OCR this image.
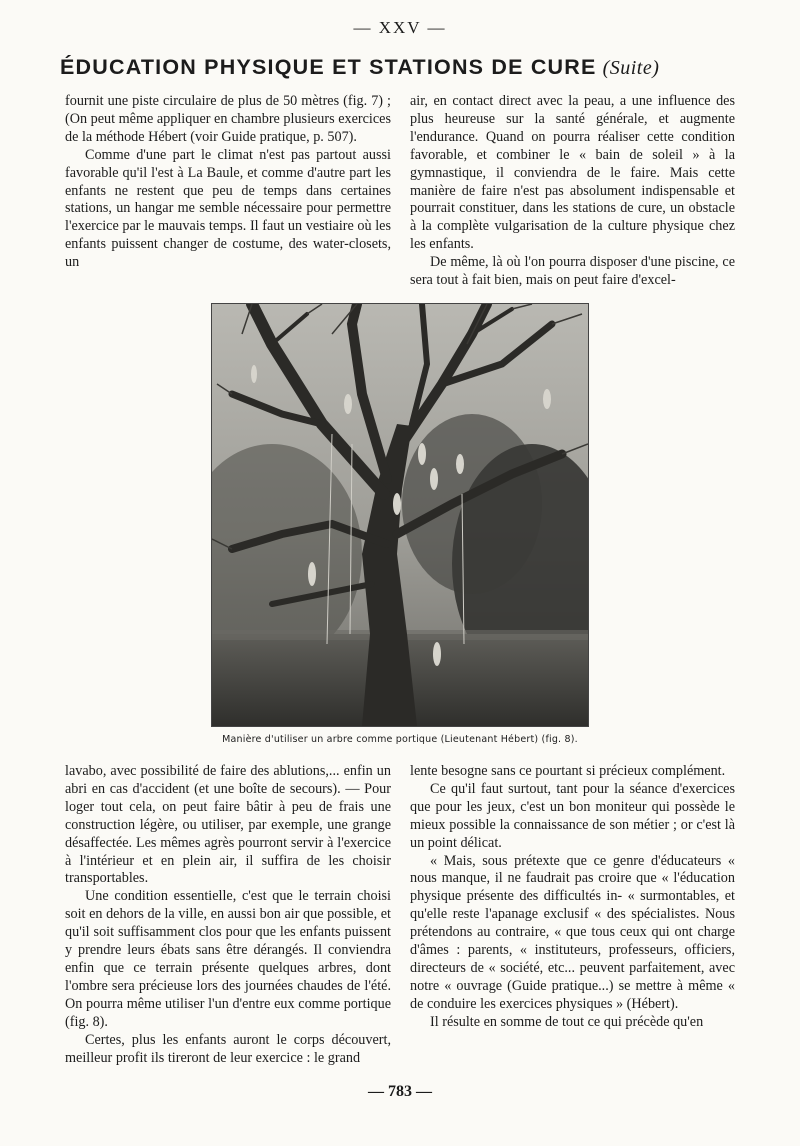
— XXV —
ÉDUCATION PHYSIQUE ET STATIONS DE CURE (Suite)

fournit une piste circulaire de plus de 50 mètres (fig. 7) ; (On peut même appliquer en chambre plusieurs exercices de la méthode Hébert (voir Guide pratique, p. 507).

Comme d'une part le climat n'est pas partout aussi favorable qu'il l'est à La Baule, et comme d'autre part les enfants ne restent que peu de temps dans certaines stations, un hangar me semble nécessaire pour permettre l'exercice par le mauvais temps. Il faut un vestiaire où les enfants puissent changer de costume, des water-closets, un

air, en contact direct avec la peau, a une influence des plus heureuse sur la santé générale, et augmente l'endurance. Quand on pourra réaliser cette condition favorable, et combiner le « bain de soleil » à la gymnastique, il conviendra de le faire. Mais cette manière de faire n'est pas absolument indispensable et pourrait constituer, dans les stations de cure, un obstacle à la complète vulgarisation de la culture physique chez les enfants.

De même, là où l'on pourra disposer d'une piscine, ce sera tout à fait bien, mais on peut faire d'excel-

Manière d'utiliser un arbre comme portique (Lieutenant Hébert) (fig. 8).

lavabo, avec possibilité de faire des ablutions,... enfin un abri en cas d'accident (et une boîte de secours). — Pour loger tout cela, on peut faire bâtir à peu de frais une construction légère, ou utiliser, par exemple, une grange désaffectée. Les mêmes agrès pourront servir à l'exercice à l'intérieur et en plein air, il suffira de les choisir transportables.

Une condition essentielle, c'est que le terrain choisi soit en dehors de la ville, en aussi bon air que possible, et qu'il soit suffisamment clos pour que les enfants puissent y prendre leurs ébats sans être dérangés. Il conviendra enfin que ce terrain présente quelques arbres, dont l'ombre sera précieuse lors des journées chaudes de l'été. On pourra même utiliser l'un d'entre eux comme portique (fig. 8).

Certes, plus les enfants auront le corps découvert, meilleur profit ils tireront de leur exercice : le grand

lente besogne sans ce pourtant si précieux complément.

Ce qu'il faut surtout, tant pour la séance d'exercices que pour les jeux, c'est un bon moniteur qui possède le mieux possible la connaissance de son métier ; or c'est là un point délicat.

« Mais, sous prétexte que ce genre d'éducateurs « nous manque, il ne faudrait pas croire que « l'éducation physique présente des difficultés in- « surmontables, et qu'elle reste l'apanage exclusif « des spécialistes. Nous prétendons au contraire, « que tous ceux qui ont charge d'âmes : parents, « instituteurs, professeurs, officiers, directeurs de « société, etc... peuvent parfaitement, avec notre « ouvrage (Guide pratique...) se mettre à même « de conduire les exercices physiques » (Hébert).

Il résulte en somme de tout ce qui précède qu'en

— 783 —
